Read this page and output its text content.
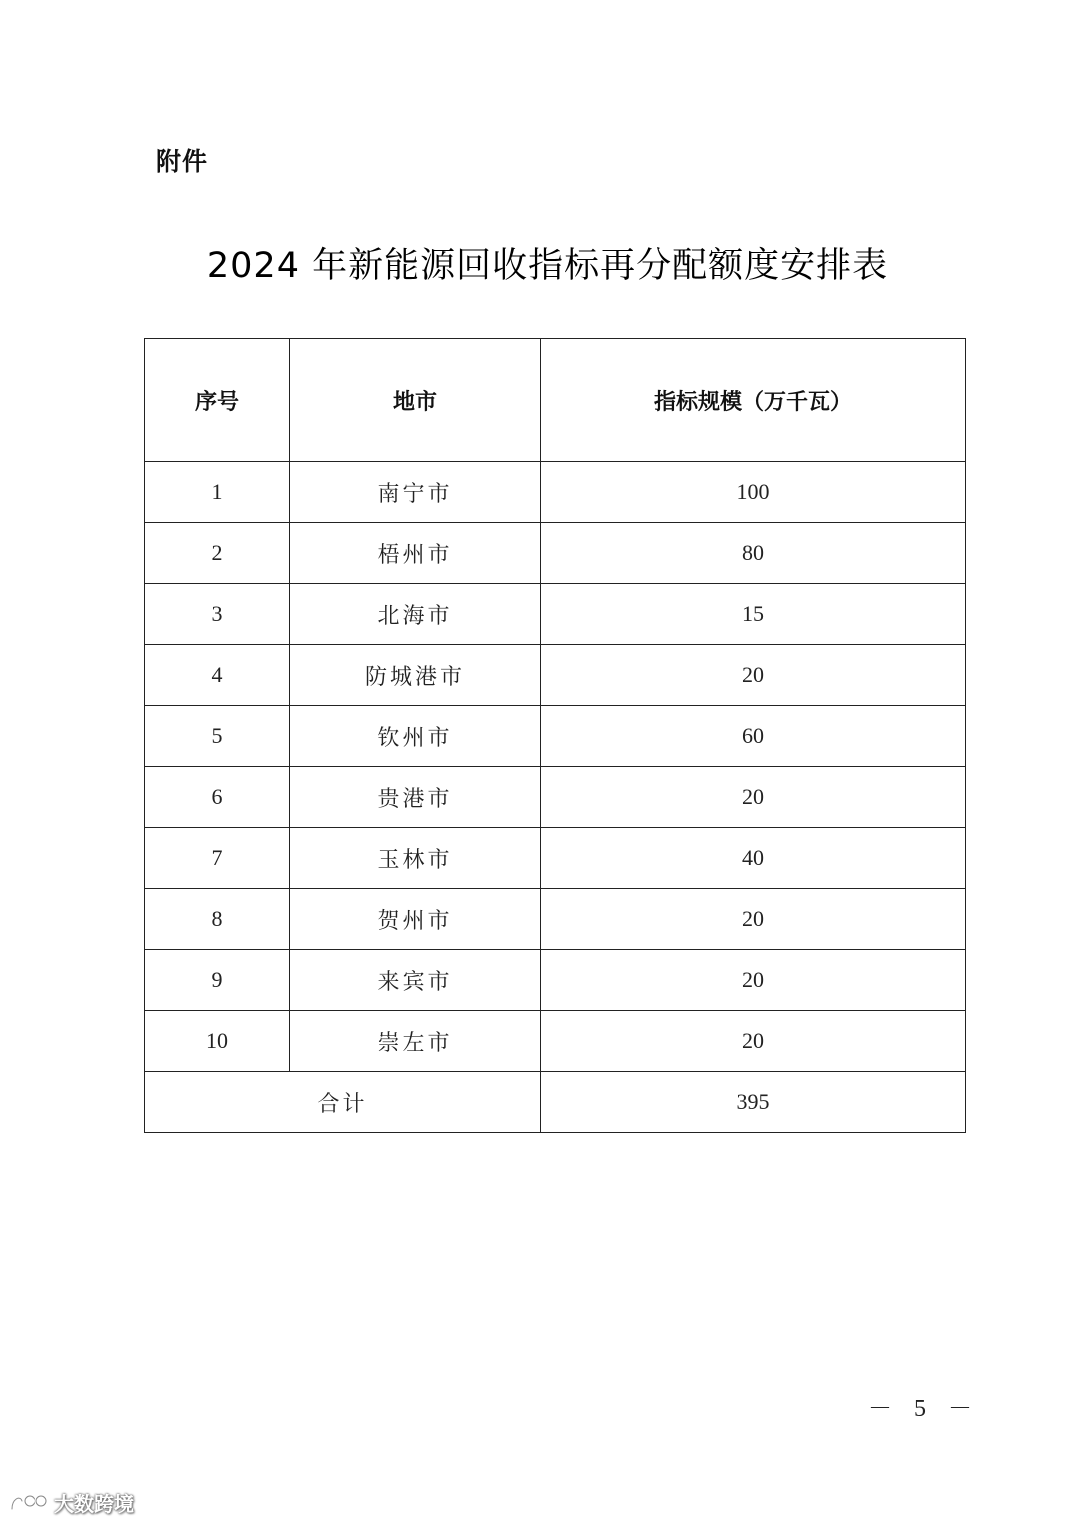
附件
2024 年新能源回收指标再分配额度安排表
序号	地市	指标规模（万千瓦）
1	南宁市	100
2	梧州市	80
3	北海市	15
4	防城港市	20
5	钦州市	60
6	贵港市	20
7	玉林市	40
8	贺州市	20
9	来宾市	20
10	崇左市	20
合计		395
－ 5 －
大数跨境
